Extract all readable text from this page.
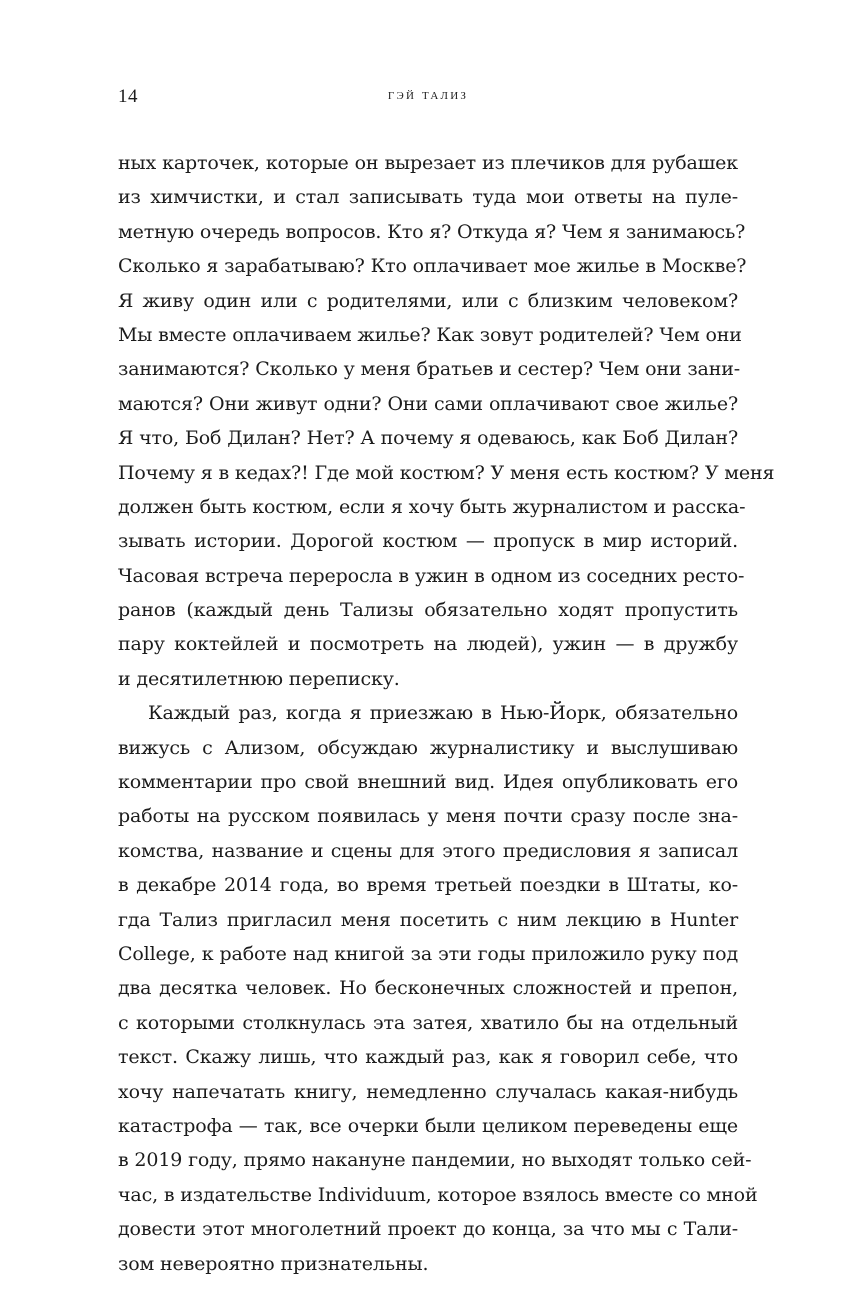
14	гэй тализ
ных карточек, которые он вырезает из плечиков для рубашек
из химчистки, и стал записывать туда мои ответы на пуле-
метную очередь вопросов. Кто я? Откуда я? Чем я занимаюсь?
Сколько я зарабатываю? Кто оплачивает мое жилье в Москве?
Я живу один или с родителями, или с близким человеком?
Мы вместе оплачиваем жилье? Как зовут родителей? Чем они
занимаются? Сколько у меня братьев и сестер? Чем они зани-
маются? Они живут одни? Они сами оплачивают свое жилье?
Я что, Боб Дилан? Нет? А почему я одеваюсь, как Боб Дилан?
Почему я в кедах?! Где мой костюм? У меня есть костюм? У меня
должен быть костюм, если я хочу быть журналистом и расска-
зывать истории. Дорогой костюм — пропуск в мир историй.
Часовая встреча переросла в ужин в одном из соседних ресто-
ранов (каждый день Тализы обязательно ходят пропустить
пару коктейлей и посмотреть на людей), ужин — в дружбу
и десятилетнюю переписку.
Каждый раз, когда я приезжаю в Нью-Йорк, обязательно
вижусь с Ализом, обсуждаю журналистику и выслушиваю
комментарии про свой внешний вид. Идея опубликовать его
работы на русском появилась у меня почти сразу после зна-
комства, название и сцены для этого предисловия я записал
в декабре 2014 года, во время третьей поездки в Штаты, ко-
гда Тализ пригласил меня посетить с ним лекцию в Hunter
College, к работе над книгой за эти годы приложило руку под
два десятка человек. Но бесконечных сложностей и препон,
с которыми столкнулась эта затея, хватило бы на отдельный
текст. Скажу лишь, что каждый раз, как я говорил себе, что
хочу напечатать книгу, немедленно случалась какая-нибудь
катастрофа — так, все очерки были целиком переведены еще
в 2019 году, прямо накануне пандемии, но выходят только сей-
час, в издательстве Individuum, которое взялось вместе со мной
довести этот многолетний проект до конца, за что мы с Тали-
зом невероятно признательны.
